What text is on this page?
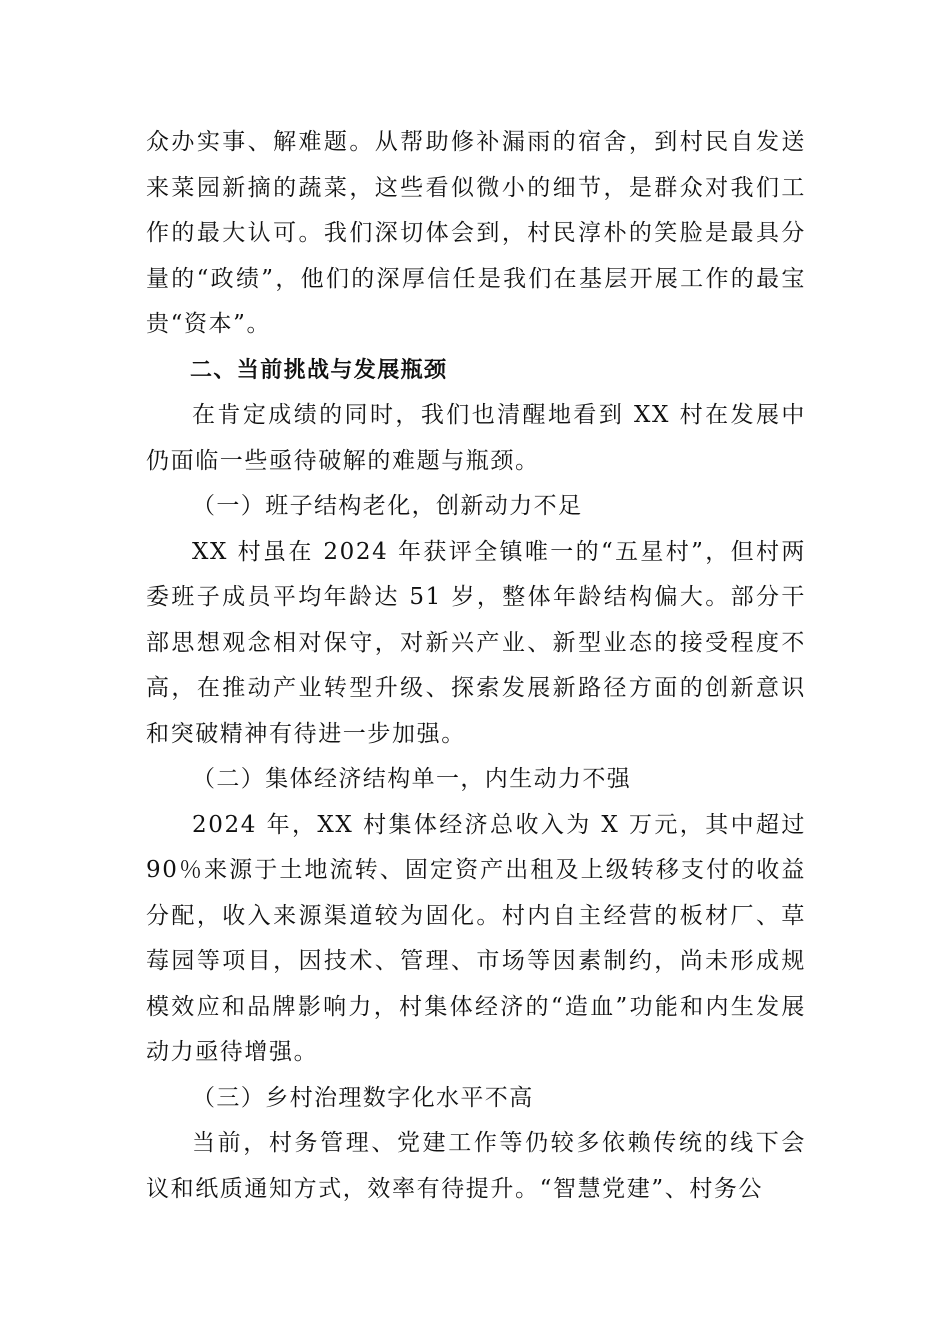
众办实事、解难题。从帮助修补漏雨的宿舍，到村民自发送来菜园新摘的蔬菜，这些看似微小的细节，是群众对我们工作的最大认可。我们深切体会到，村民淳朴的笑脸是最具分量的“政绩”，他们的深厚信任是我们在基层开展工作的最宝贵“资本”。

二、当前挑战与发展瓶颈

在肯定成绩的同时，我们也清醒地看到 XX 村在发展中仍面临一些亟待破解的难题与瓶颈。

（一）班子结构老化，创新动力不足

XX 村虽在 2024 年获评全镇唯一的“五星村”，但村两委班子成员平均年龄达 51 岁，整体年龄结构偏大。部分干部思想观念相对保守，对新兴产业、新型业态的接受程度不高，在推动产业转型升级、探索发展新路径方面的创新意识和突破精神有待进一步加强。

（二）集体经济结构单一，内生动力不强

2024 年，XX 村集体经济总收入为 X 万元，其中超过 90％来源于土地流转、固定资产出租及上级转移支付的收益分配，收入来源渠道较为固化。村内自主经营的板材厂、草莓园等项目，因技术、管理、市场等因素制约，尚未形成规模效应和品牌影响力，村集体经济的“造血”功能和内生发展动力亟待增强。

（三）乡村治理数字化水平不高

当前，村务管理、党建工作等仍较多依赖传统的线下会议和纸质通知方式，效率有待提升。“智慧党建”、村务公
